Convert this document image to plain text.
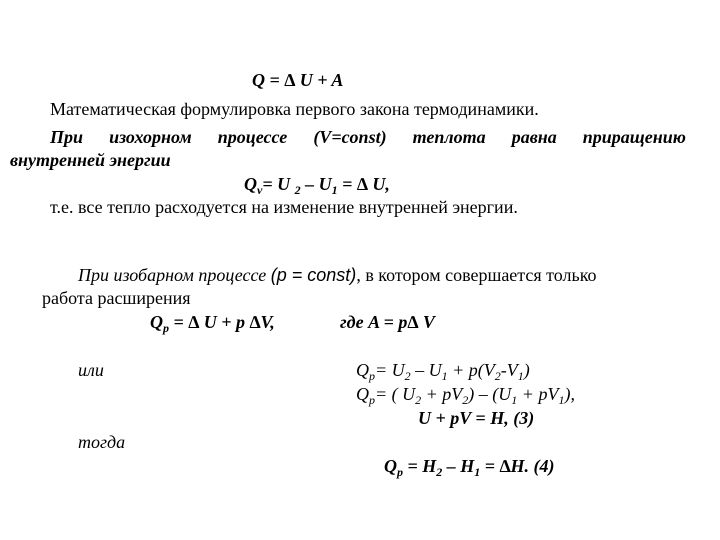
Q = ∆ U + A
Математическая формулировка первого закона термодинамики.
При изохорном процессе (V=const) теплота равна приращению
внутренней энергии
$Q_v= U$ $_2 - U_1$ = ∆ U,
т.е. все тепло расходуется на изменение внутренней энергии.
При изобарном процессе (p = const), в котором совершается только
работа расширения
$Q_p$ = ∆ U + p ∆V,	где A = p∆ V
или	$Q_p= U_2 - U_1 + p(V_2-V_1)$
$Q_p=$ ( $U_2 + pV_2) - (U_1 + pV_1)$,
U + pV = H, (3)
тогда
$Q_p = H_2 - H_1 = \Delta H$. (4)
